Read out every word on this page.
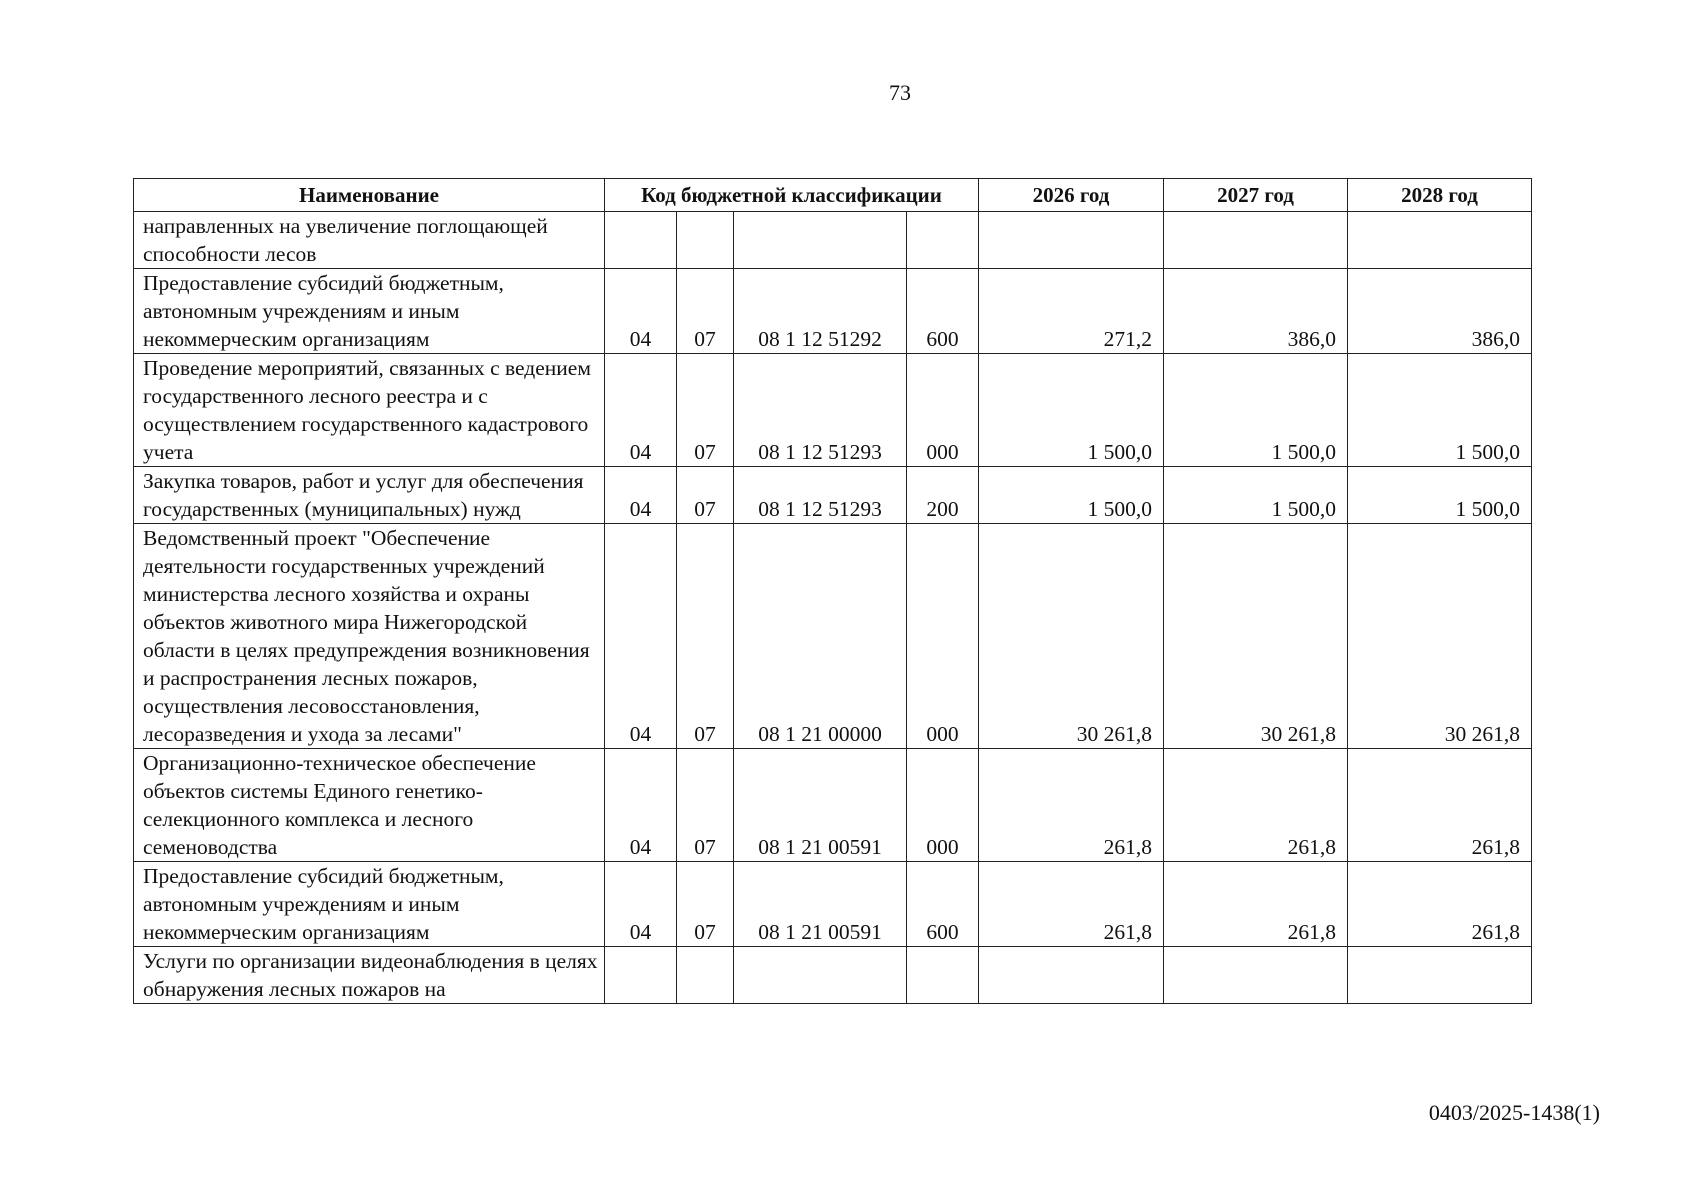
73
Наименование	Код бюджетной классификации				2026 год	2027 год	2028 год
направленных на увеличение поглощающей способности лесов							
Предоставление субсидий бюджетным, автономным учреждениям и иным некоммерческим организациям	04	07	08 1 12 51292	600	271,2	386,0	386,0
Проведение мероприятий, связанных с ведением государственного лесного реестра и с осуществлением государственного кадастрового учета	04	07	08 1 12 51293	000	1 500,0	1 500,0	1 500,0
Закупка товаров, работ и услуг для обеспечения государственных (муниципальных) нужд	04	07	08 1 12 51293	200	1 500,0	1 500,0	1 500,0
Ведомственный проект "Обеспечение деятельности государственных учреждений министерства лесного хозяйства и охраны объектов животного мира Нижегородской области в целях предупреждения возникновения и распространения лесных пожаров, осуществления лесовосстановления, лесоразведения и ухода за лесами"	04	07	08 1 21 00000	000	30 261,8	30 261,8	30 261,8
Организационно-техническое обеспечение объектов системы Единого генетико-селекционного комплекса и лесного семеноводства	04	07	08 1 21 00591	000	261,8	261,8	261,8
Предоставление субсидий бюджетным, автономным учреждениям и иным некоммерческим организациям	04	07	08 1 21 00591	600	261,8	261,8	261,8
Услуги по организации видеонаблюдения в целях обнаружения лесных пожаров на							
0403/2025-1438(1)
